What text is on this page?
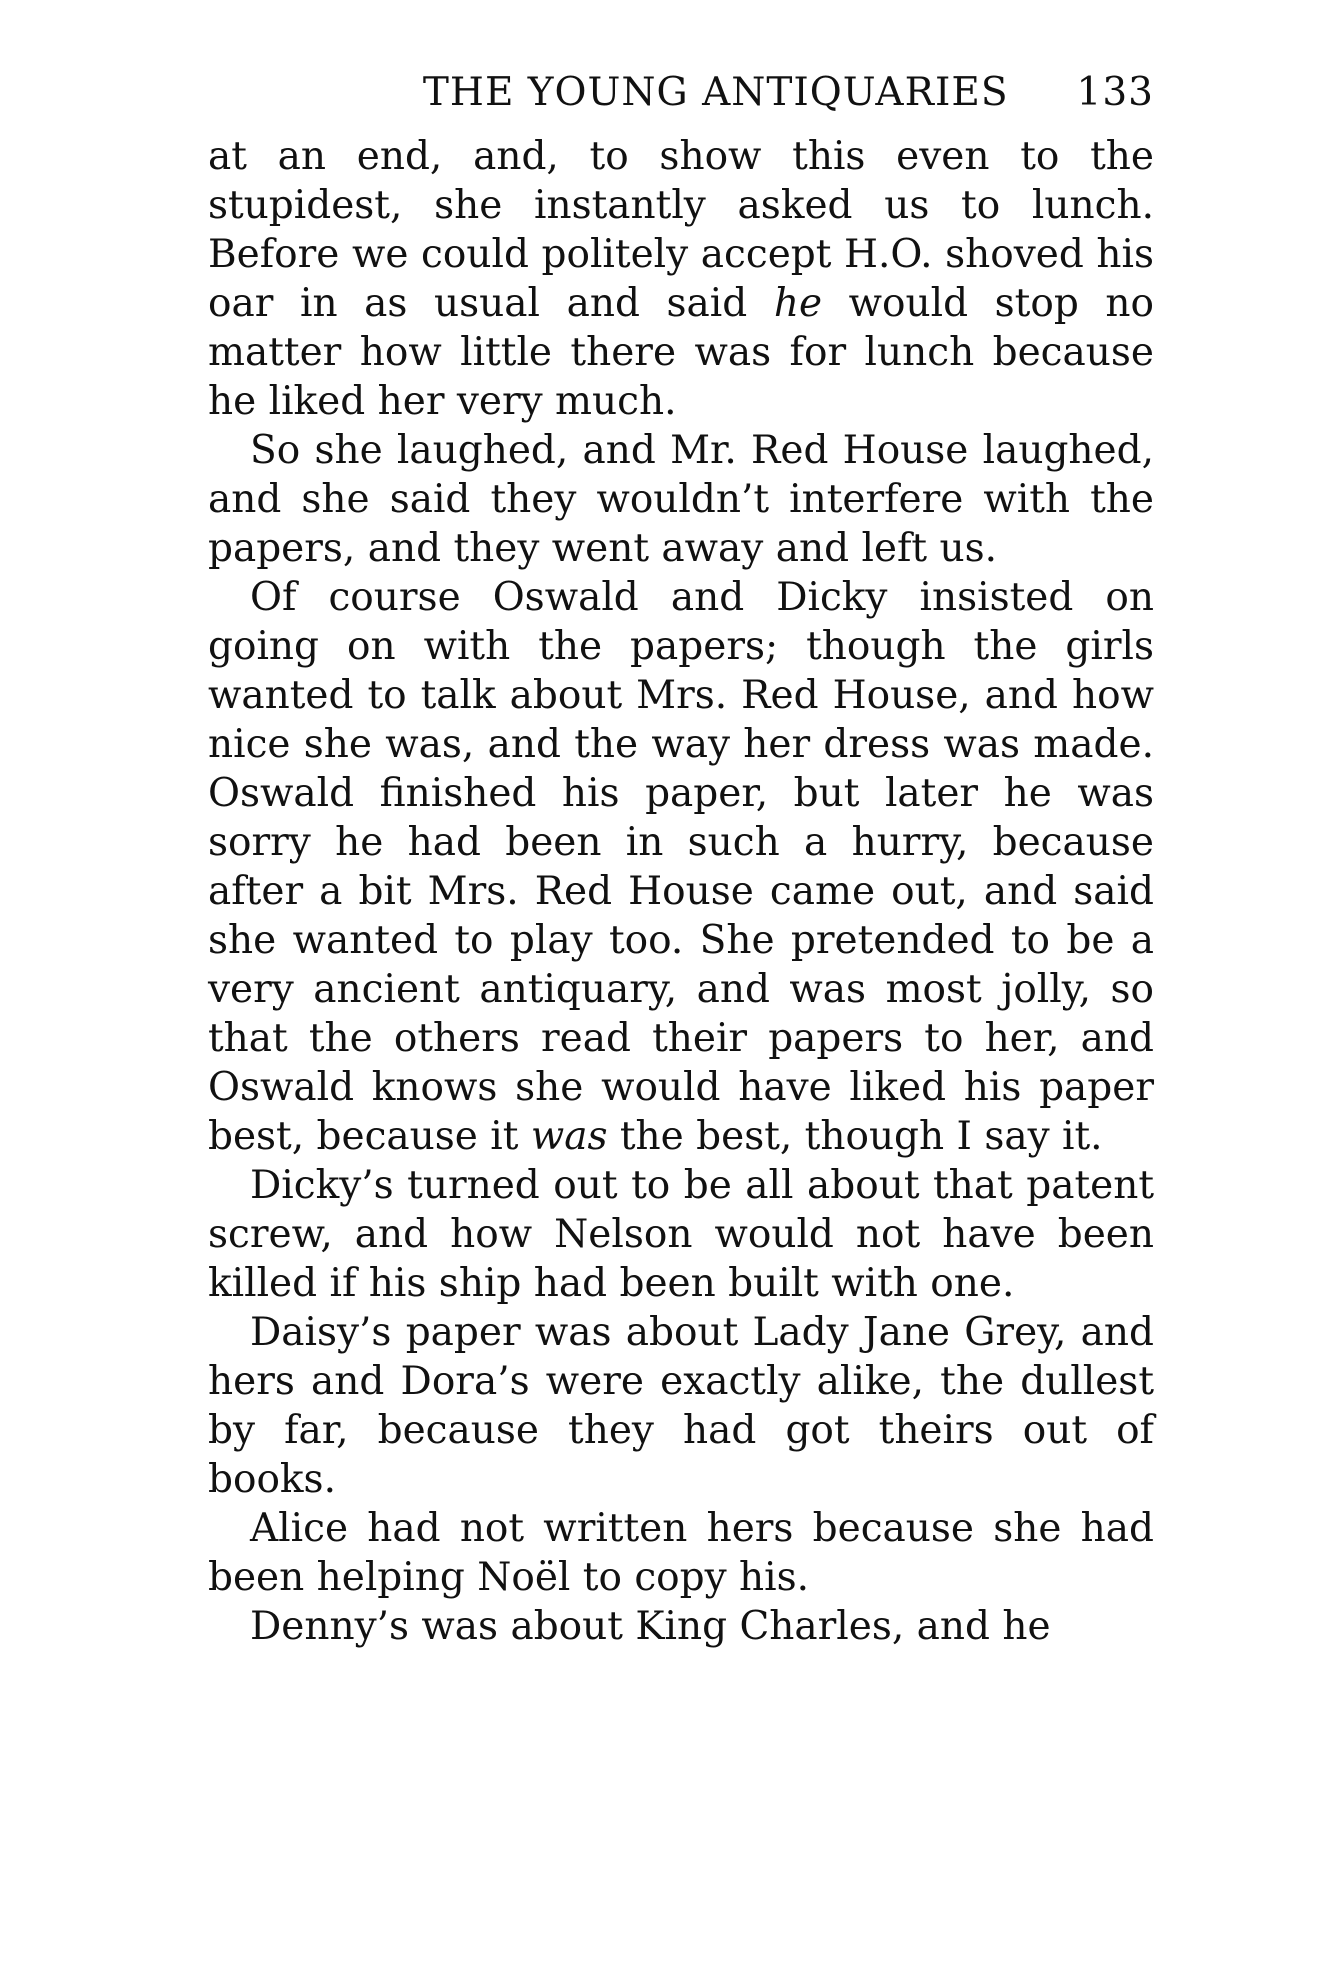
THE YOUNG ANTIQUARIES 133

at an end, and, to show this even to the stupidest, she instantly asked us to lunch. Before we could politely accept H.O. shoved his oar in as usual and said he would stop no matter how little there was for lunch because he liked her very much.

So she laughed, and Mr. Red House laughed, and she said they wouldn’t interfere with the papers, and they went away and left us.

Of course Oswald and Dicky insisted on going on with the papers; though the girls wanted to talk about Mrs. Red House, and how nice she was, and the way her dress was made. Oswald finished his paper, but later he was sorry he had been in such a hurry, because after a bit Mrs. Red House came out, and said she wanted to play too. She pretended to be a very ancient antiquary, and was most jolly, so that the others read their papers to her, and Oswald knows she would have liked his paper best, because it was the best, though I say it.

Dicky’s turned out to be all about that patent screw, and how Nelson would not have been killed if his ship had been built with one.

Daisy’s paper was about Lady Jane Grey, and hers and Dora’s were exactly alike, the dullest by far, because they had got theirs out of books.

Alice had not written hers because she had been helping Noël to copy his.

Denny’s was about King Charles, and he
